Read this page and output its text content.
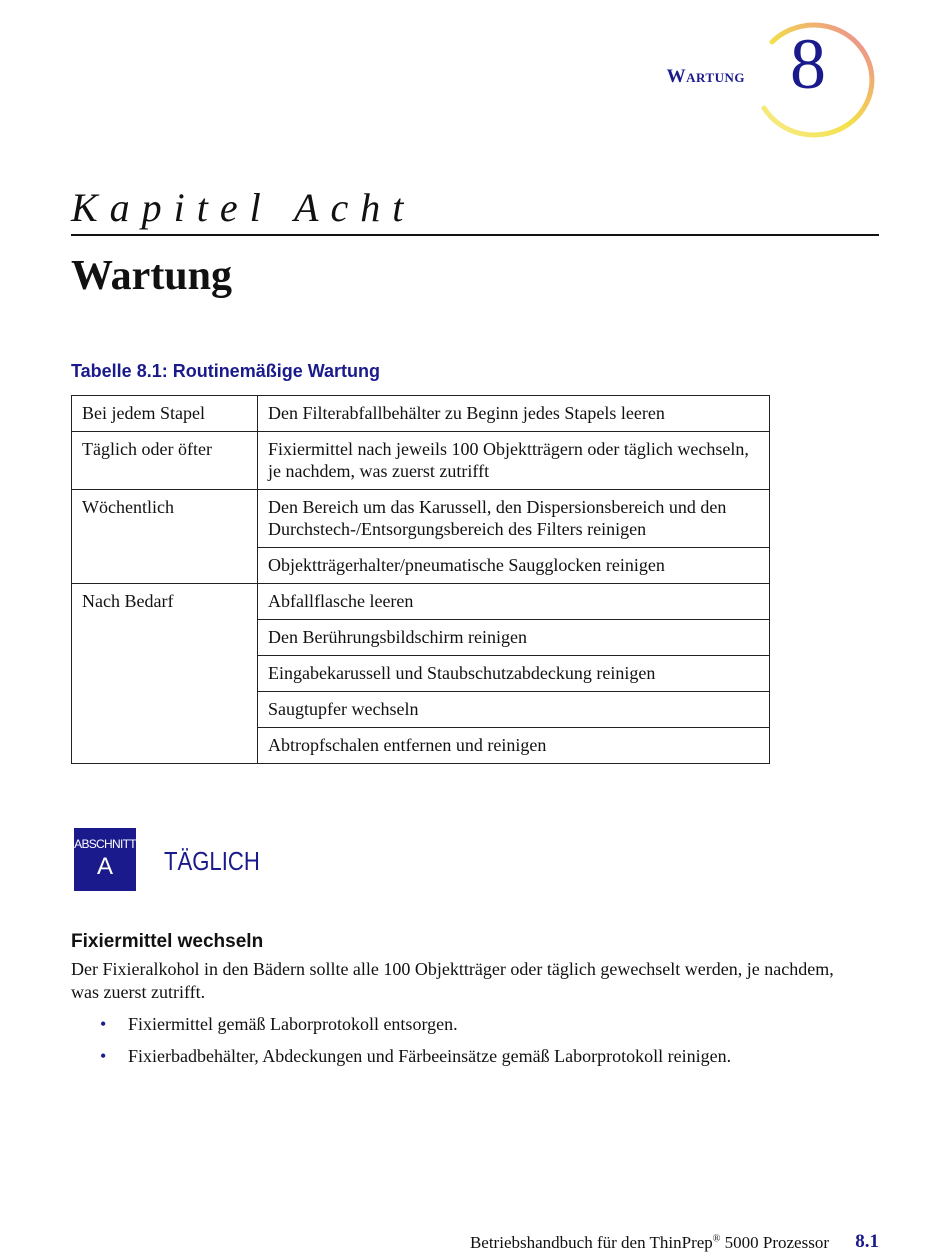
Wartung 8
Kapitel Acht
Wartung
Tabelle 8.1: Routinemäßige Wartung
Bei jedem Stapel	Den Filterabfallbehälter zu Beginn jedes Stapels leeren
Täglich oder öfter	Fixiermittel nach jeweils 100 Objektträgern oder täglich wechseln, je nachdem, was zuerst zutrifft
Wöchentlich	Den Bereich um das Karussell, den Dispersionsbereich und den Durchstech-/Entsorgungsbereich des Filters reinigen
	Objektträgerhalter/pneumatische Saugglocken reinigen
Nach Bedarf	Abfallflasche leeren
	Den Berührungsbildschirm reinigen
	Eingabekarussell und Staubschutzabdeckung reinigen
	Saugtupfer wechseln
	Abtropfschalen entfernen und reinigen
ABSCHNITT
A	TÄGLICH
Fixiermittel wechseln

Der Fixieralkohol in den Bädern sollte alle 100 Objektträger oder täglich gewechselt werden, je nachdem, was zuerst zutrifft.

• Fixiermittel gemäß Laborprotokoll entsorgen.
• Fixierbadbehälter, Abdeckungen und Färbeeinsätze gemäß Laborprotokoll reinigen.
Betriebshandbuch für den ThinPrep® 5000 Prozessor 8.1
